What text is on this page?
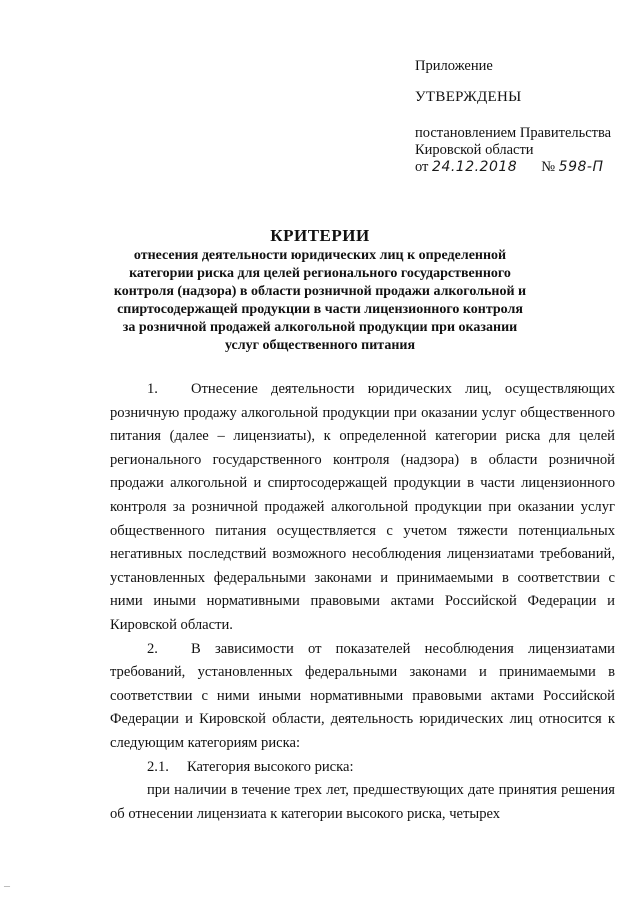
Приложение
УТВЕРЖДЕНЫ
постановлением Правительства
Кировской области
от
24.12.2018 №
598-П
КРИТЕРИИ
отнесения деятельности юридических лиц к определенной категории риска для целей регионального государственного контроля (надзора) в области розничной продажи алкогольной и спиртосодержащей продукции в части лицензионного контроля за розничной продажей алкогольной продукции при оказании услуг общественного питания

1. Отнесение деятельности юридических лиц, осуществляющих розничную продажу алкогольной продукции при оказании услуг общественного питания (далее – лицензиаты), к определенной категории риска для целей регионального государственного контроля (надзора) в области розничной продажи алкогольной и спиртосодержащей продукции в части лицензионного контроля за розничной продажей алкогольной продукции при оказании услуг общественного питания осуществляется с учетом тяжести потенциальных негативных последствий возможного несоблюдения лицензиатами требований, установленных федеральными законами и принимаемыми в соответствии с ними иными нормативными правовыми актами Российской Федерации и Кировской области.

2. В зависимости от показателей несоблюдения лицензиатами требований, установленных федеральными законами и принимаемыми в соответствии с ними иными нормативными правовыми актами Российской Федерации и Кировской области, деятельность юридических лиц относится к следующим категориям риска:

2.1. Категория высокого риска:

при наличии в течение трех лет, предшествующих дате принятия решения об отнесении лицензиата к категории высокого риска, четырех

—
